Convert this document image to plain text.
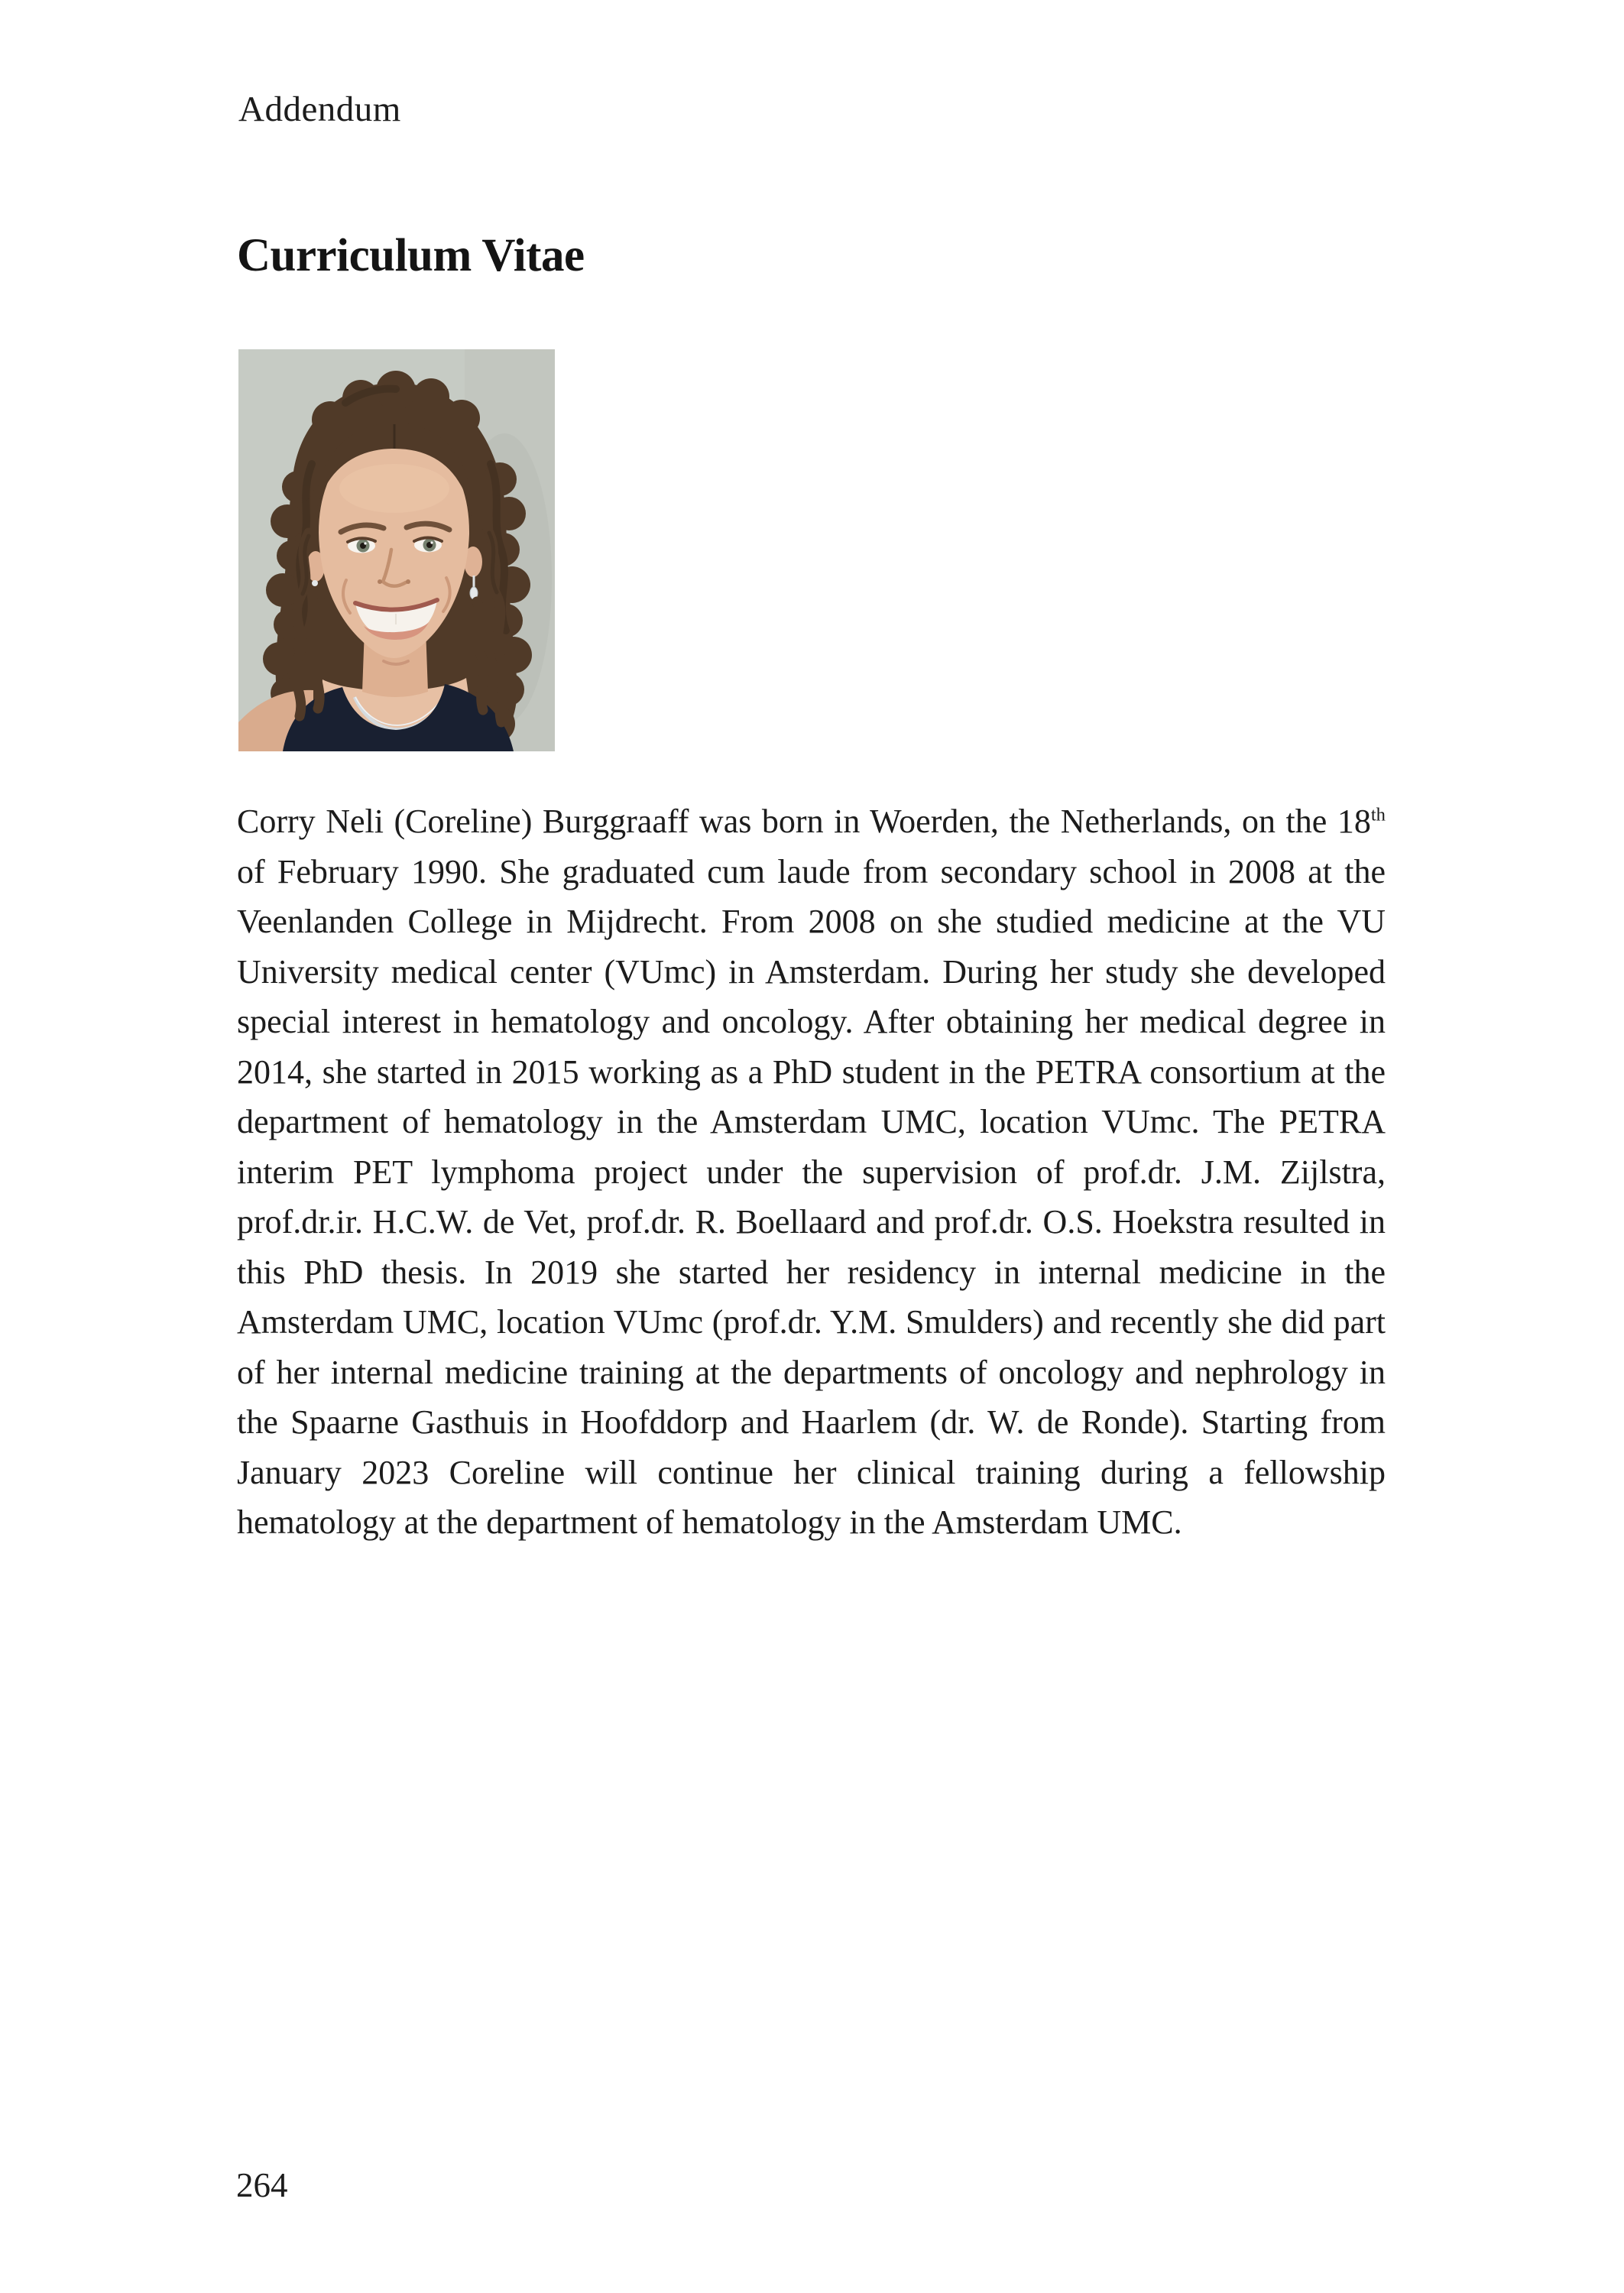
Addendum
Curriculum Vitae

Corry Neli (Coreline) Burggraaff was born in Woerden, the Netherlands, on the 18th of February 1990. She graduated cum laude from secondary school in 2008 at the Veenlanden College in Mijdrecht. From 2008 on she studied medicine at the VU University medical center (VUmc) in Amsterdam. During her study she developed special interest in hematology and oncology. After obtaining her medical degree in 2014, she started in 2015 working as a PhD student in the PETRA consortium at the department of hematology in the Amsterdam UMC, location VUmc. The PETRA interim PET lymphoma project under the supervision of prof.dr. J.M. Zijlstra, prof.dr.ir. H.C.W. de Vet, prof.dr. R. Boellaard and prof.dr. O.S. Hoekstra resulted in this PhD thesis. In 2019 she started her residency in internal medicine in the Amsterdam UMC, location VUmc (prof.dr. Y.M. Smulders) and recently she did part of her internal medicine training at the departments of oncology and nephrology in the Spaarne Gasthuis in Hoofddorp and Haarlem (dr. W. de Ronde). Starting from January 2023 Coreline will continue her clinical training during a fellowship hematology at the department of hematology in the Amsterdam UMC.

264
